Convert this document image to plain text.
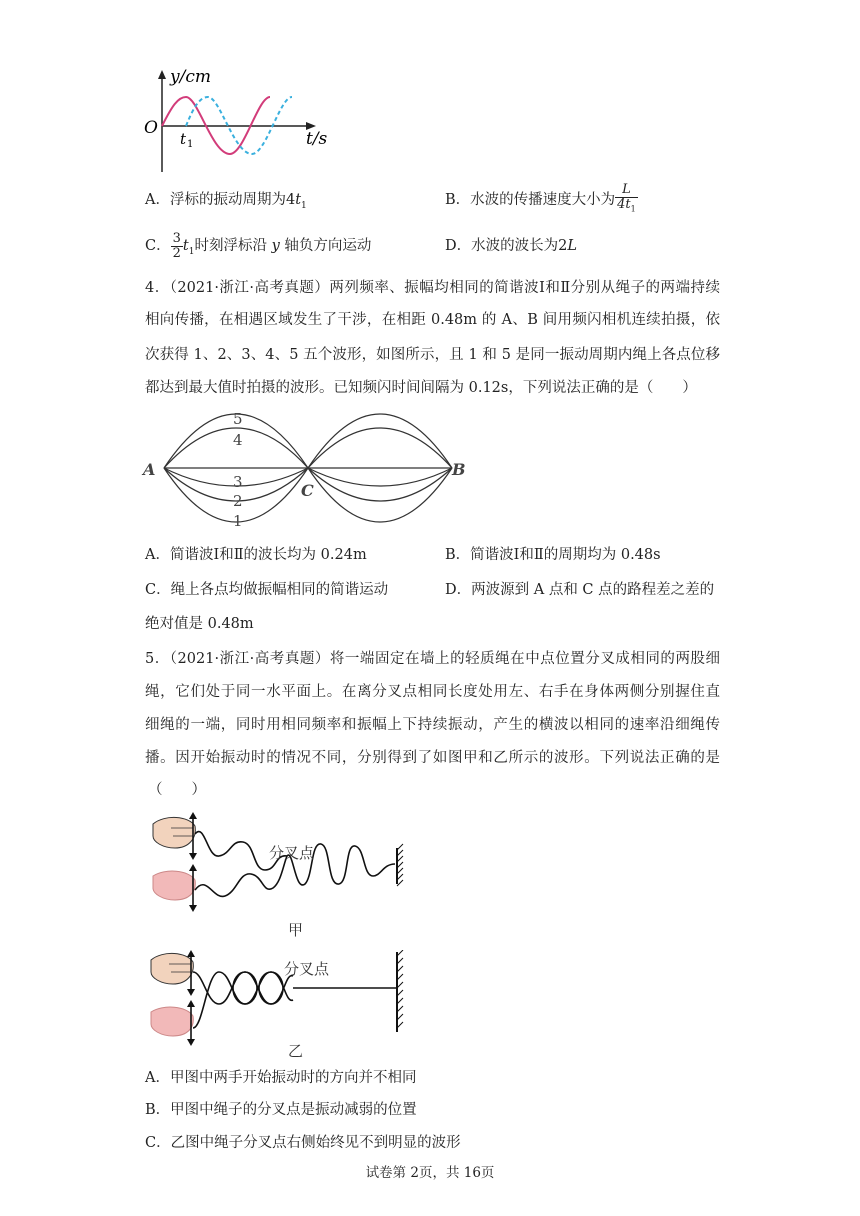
y/cm
t/s
O
t 1
A．浮标的振动周期为$4t_1$	B．水波的传播速度大小为 $\frac{L}{4t_1}$
C． $\frac{3}{2} t_1$时刻浮标沿 y 轴负方向运动	D．水波的波长为2L
4．（2021·浙江·高考真题）两列频率、振幅均相同的简谐波Ⅰ和Ⅱ分别从绳子的两端持续
相向传播，在相遇区域发生了干涉，在相距 0.48m 的 A、B 间用频闪相机连续拍摄，依
次获得 1、2、3、4、5 五个波形，如图所示，且 1 和 5 是同一振动周期内绳上各点位移
都达到最大值时拍摄的波形。已知频闪时间间隔为 0.12s，下列说法正确的是（　　）
A	B
C
5
4
3
2
1
A．简谐波Ⅰ和Ⅱ的波长均为 0.24m	B．简谐波Ⅰ和Ⅱ的周期均为 0.48s
C．绳上各点均做振幅相同的简谐运动	D．两波源到 A 点和 C 点的路程差之差的
绝对值是 0.48m
5．（2021·浙江·高考真题）将一端固定在墙上的轻质绳在中点位置分叉成相同的两股细
绳，它们处于同一水平面上。在离分叉点相同长度处用左、右手在身体两侧分别握住直
细绳的一端，同时用相同频率和振幅上下持续振动，产生的横波以相同的速率沿细绳传
播。因开始振动时的情况不同，分别得到了如图甲和乙所示的波形。下列说法正确的是
（　　）
分叉点
甲
分叉点
乙
A．甲图中两手开始振动时的方向并不相同
B．甲图中绳子的分叉点是振动减弱的位置
C．乙图中绳子分叉点右侧始终见不到明显的波形
试卷第 2页，共 16页
